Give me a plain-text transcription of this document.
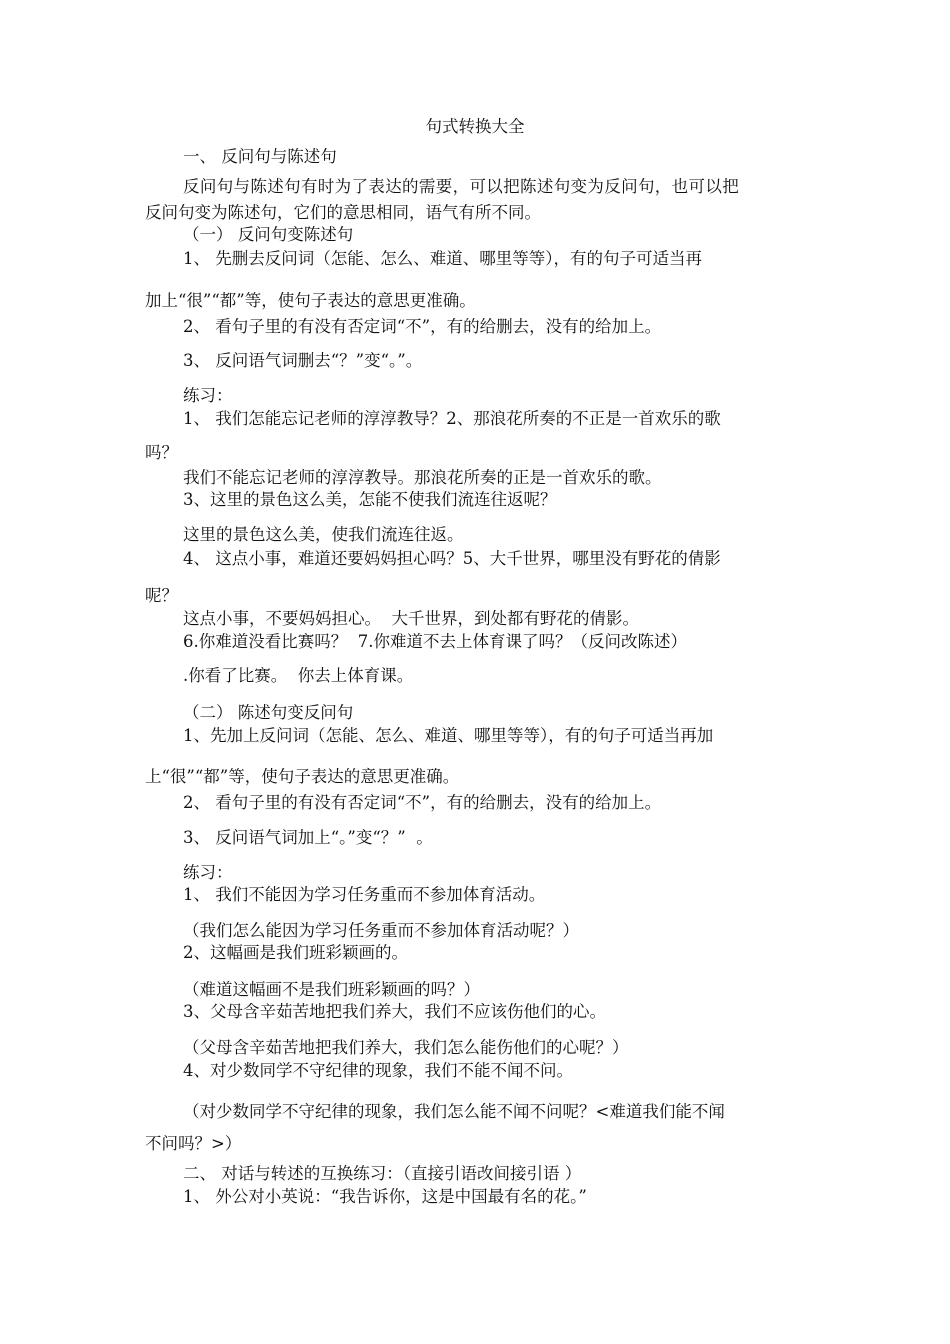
句式转换大全
一、 反问句与陈述句
反问句与陈述句有时为了表达的需要，可以把陈述句变为反问句，也可以把
反问句变为陈述句，它们的意思相同，语气有所不同。
（一） 反问句变陈述句
1、 先删去反问词（怎能、怎么、难道、哪里等等），有的句子可适当再
加上“很”“都”等，使句子表达的意思更准确。
2、 看句子里的有没有否定词“不”，有的给删去，没有的给加上。
3、 反问语气词删去“？”变“。”。
练习：
1、 我们怎能忘记老师的淳淳教导？2、那浪花所奏的不正是一首欢乐的歌
吗？
我们不能忘记老师的淳淳教导。那浪花所奏的正是一首欢乐的歌。
3、这里的景色这么美，怎能不使我们流连往返呢？
这里的景色这么美，使我们流连往返。
4、 这点小事，难道还要妈妈担心吗？5、大千世界，哪里没有野花的倩影
呢？
这点小事，不要妈妈担心。  大千世界，到处都有野花的倩影。
6.你难道没看比赛吗？  7.你难道不去上体育课了吗？（反问改陈述）
.你看了比赛。  你去上体育课。
（二） 陈述句变反问句
1、先加上反问词（怎能、怎么、难道、哪里等等），有的句子可适当再加
上“很”“都”等，使句子表达的意思更准确。
2、 看句子里的有没有否定词“不”，有的给删去，没有的给加上。
3、 反问语气词加上“。”变“？”  。
练习：
1、 我们不能因为学习任务重而不参加体育活动。
（我们怎么能因为学习任务重而不参加体育活动呢？）
2、这幅画是我们班彩颖画的。
（难道这幅画不是我们班彩颖画的吗？）
3、父母含辛茹苦地把我们养大，我们不应该伤他们的心。
（父母含辛茹苦地把我们养大，我们怎么能伤他们的心呢？）
4、对少数同学不守纪律的现象，我们不能不闻不问。
（对少数同学不守纪律的现象，我们怎么能不闻不问呢？<难道我们能不闻
不问吗？>）
二、 对话与转述的互换练习：（直接引语改间接引语 ）
1、 外公对小英说：“我告诉你，这是中国最有名的花。”
